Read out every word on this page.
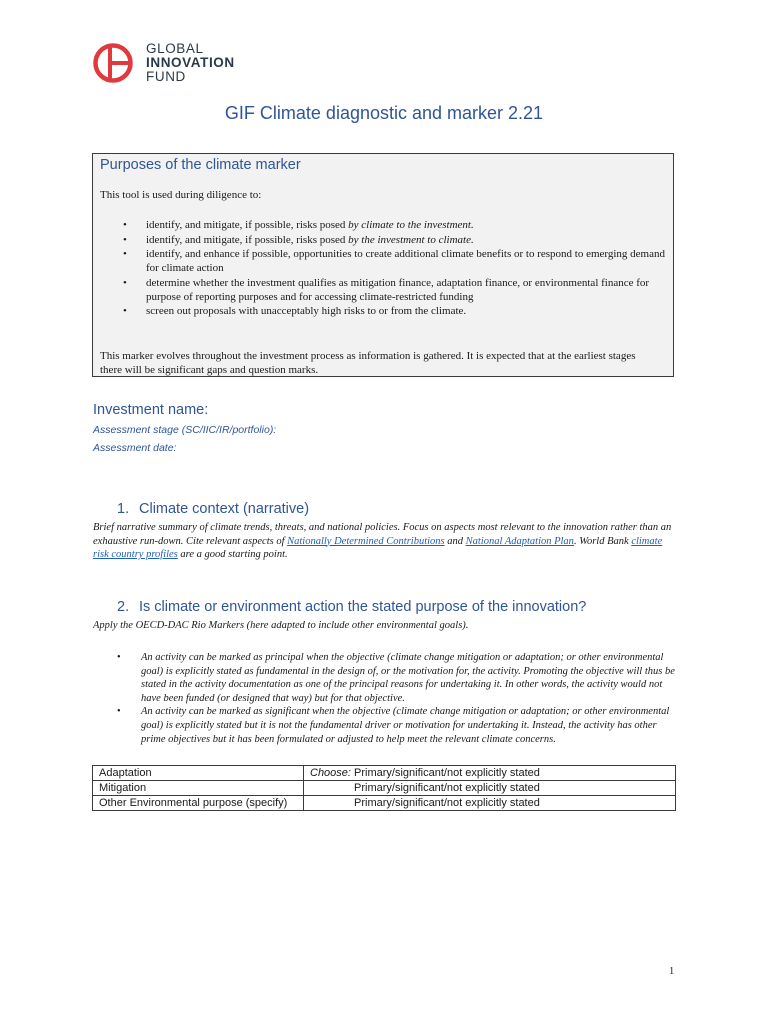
GLOBAL
INNOVATION
FUND
GIF Climate diagnostic and marker 2.21
Purposes of the climate marker
This tool is used during diligence to:
• identify, and mitigate, if possible, risks posed by climate to the investment.
• identify, and mitigate, if possible, risks posed by the investment to climate.
• identify, and enhance if possible, opportunities to create additional climate benefits or to respond to emerging demand for climate action
• determine whether the investment qualifies as mitigation finance, adaptation finance, or environmental finance for purpose of reporting purposes and for accessing climate-restricted funding
• screen out proposals with unacceptably high risks to or from the climate.
This marker evolves throughout the investment process as information is gathered. It is expected that at the earliest stages there will be significant gaps and question marks.
Investment name:
Assessment stage (SC/IIC/IR/portfolio):
Assessment date:
1. Climate context (narrative)
Brief narrative summary of climate trends, threats, and national policies. Focus on aspects most relevant to the innovation rather than an exhaustive run-down. Cite relevant aspects of Nationally Determined Contributions and National Adaptation Plan. World Bank climate risk country profiles are a good starting point.
2. Is climate or environment action the stated purpose of the innovation?
Apply the OECD-DAC Rio Markers (here adapted to include other environmental goals).
• An activity can be marked as principal when the objective (climate change mitigation or adaptation; or other environmental goal) is explicitly stated as fundamental in the design of, or the motivation for, the activity. Promoting the objective will thus be stated in the activity documentation as one of the principal reasons for undertaking it. In other words, the activity would not have been funded (or designed that way) but for that objective.
• An activity can be marked as significant when the objective (climate change mitigation or adaptation; or other environmental goal) is explicitly stated but it is not the fundamental driver or motivation for undertaking it. Instead, the activity has other prime objectives but it has been formulated or adjusted to help meet the relevant climate concerns.
Adaptation	Choose: Primary/significant/not explicitly stated
Mitigation	Primary/significant/not explicitly stated
Other Environmental purpose (specify)	Primary/significant/not explicitly stated
1
